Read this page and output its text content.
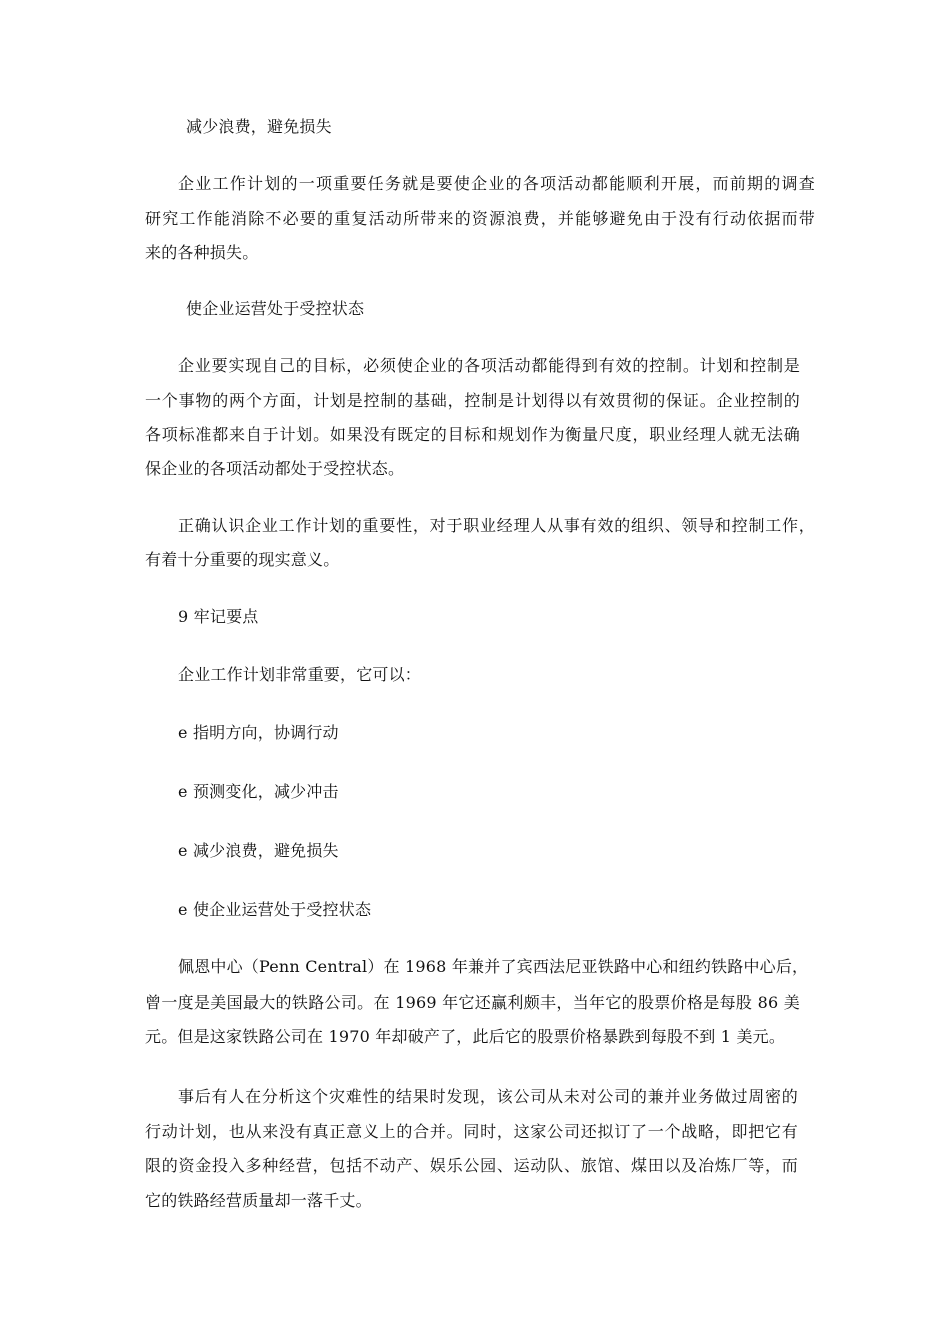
减少浪费，避免损失
企业工作计划的一项重要任务就是要使企业的各项活动都能顺利开展，而前期的调查
研究工作能消除不必要的重复活动所带来的资源浪费，并能够避免由于没有行动依据而带
来的各种损失。
使企业运营处于受控状态
企业要实现自己的目标，必须使企业的各项活动都能得到有效的控制。计划和控制是
一个事物的两个方面，计划是控制的基础，控制是计划得以有效贯彻的保证。企业控制的
各项标准都来自于计划。如果没有既定的目标和规划作为衡量尺度，职业经理人就无法确
保企业的各项活动都处于受控状态。
正确认识企业工作计划的重要性，对于职业经理人从事有效的组织、领导和控制工作，
有着十分重要的现实意义。
9 牢记要点
企业工作计划非常重要，它可以：
e 指明方向，协调行动
e 预测变化，减少冲击
e 减少浪费，避免损失
e 使企业运营处于受控状态
佩恩中心（Penn Central）在 1968 年兼并了宾西法尼亚铁路中心和纽约铁路中心后，
曾一度是美国最大的铁路公司。在 1969 年它还赢利颇丰，当年它的股票价格是每股 86 美
元。但是这家铁路公司在 1970 年却破产了，此后它的股票价格暴跌到每股不到 1 美元。
事后有人在分析这个灾难性的结果时发现，该公司从未对公司的兼并业务做过周密的
行动计划，也从来没有真正意义上的合并。同时，这家公司还拟订了一个战略，即把它有
限的资金投入多种经营，包括不动产、娱乐公园、运动队、旅馆、煤田以及冶炼厂等，而
它的铁路经营质量却一落千丈。
